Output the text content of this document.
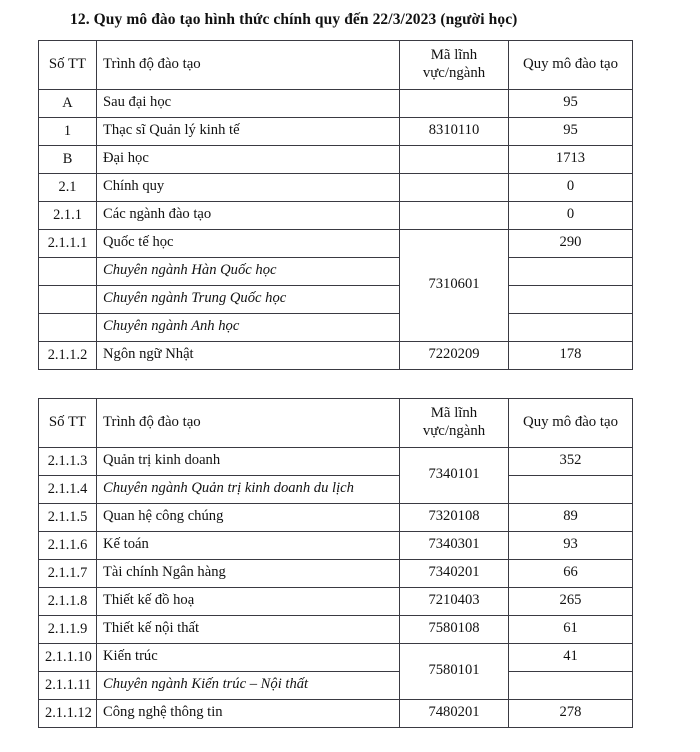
12. Quy mô đào tạo hình thức chính quy đến 22/3/2023 (người học)
Số TT	Trình độ đào tạo	Mã lĩnh
vực/ngành	Quy mô đào tạo
A	Sau đại học		95
1	Thạc sĩ Quản lý kinh tế	8310110	95
B	Đại học		1713
2.1	Chính quy		0
2.1.1	Các ngành đào tạo		0
2.1.1.1	Quốc tế học	7310601	290
	Chuyên ngành Hàn Quốc học		
	Chuyên ngành Trung Quốc học		
	Chuyên ngành Anh học		
2.1.1.2	Ngôn ngữ Nhật	7220209	178
Số TT	Trình độ đào tạo	Mã lĩnh
vực/ngành	Quy mô đào tạo
2.1.1.3	Quản trị kinh doanh	7340101	352
2.1.1.4	Chuyên ngành Quản trị kinh doanh du lịch		
2.1.1.5	Quan hệ công chúng	7320108	89
2.1.1.6	Kế toán	7340301	93
2.1.1.7	Tài chính Ngân hàng	7340201	66
2.1.1.8	Thiết kế đồ hoạ	7210403	265
2.1.1.9	Thiết kế nội thất	7580108	61
2.1.1.10	Kiến trúc	7580101	41
2.1.1.11	Chuyên ngành Kiến trúc – Nội thất		
2.1.1.12	Công nghệ thông tin	7480201	278
